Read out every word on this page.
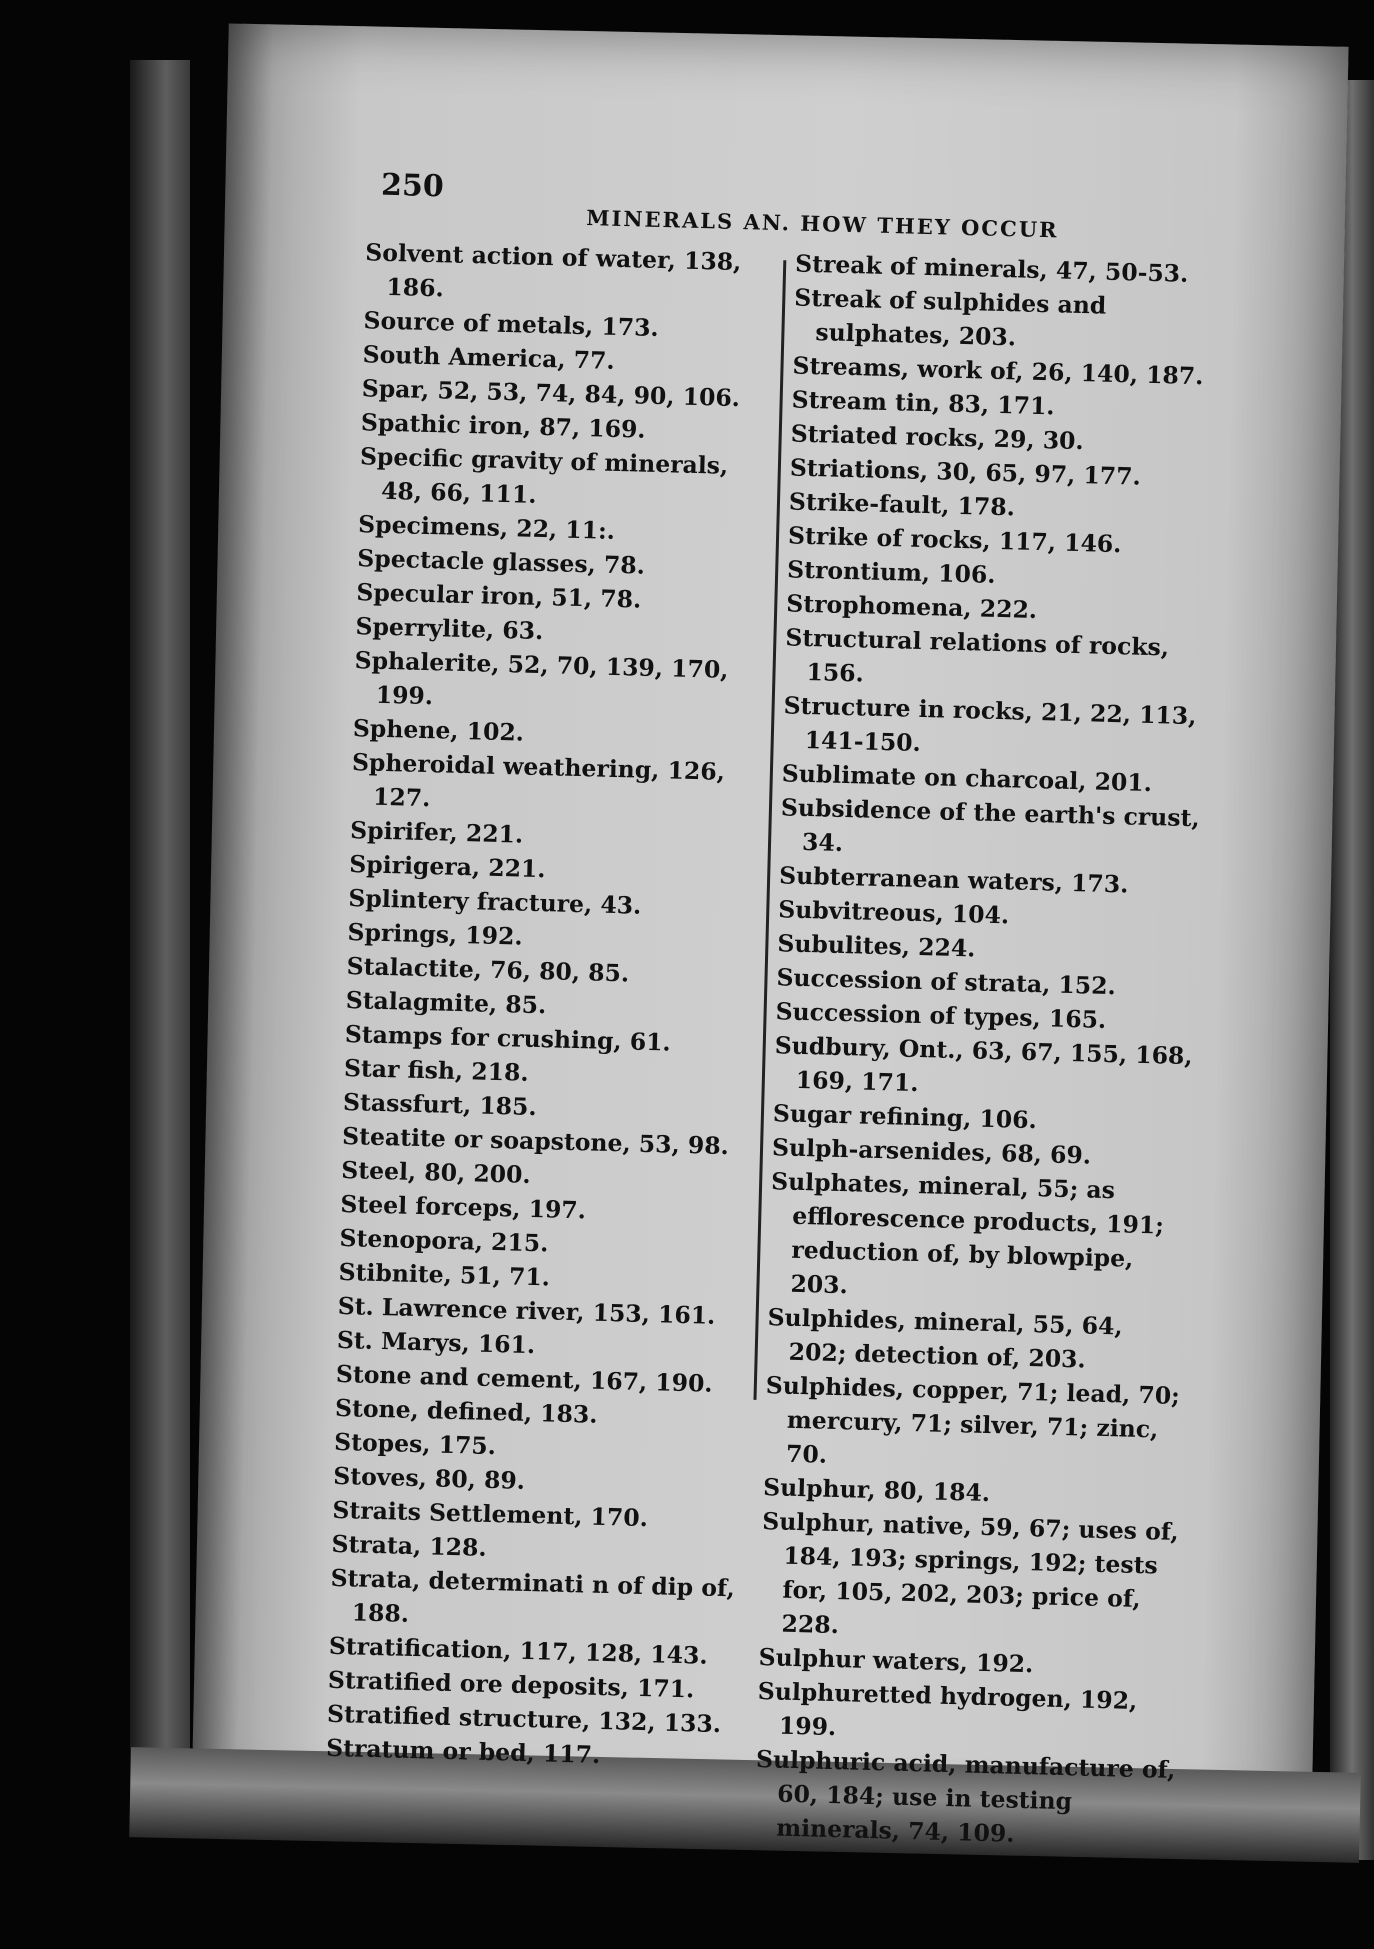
250
MINERALS AN. HOW THEY OCCUR

Solvent action of water, 138, 186.

Source of metals, 173.

South America, 77.

Spar, 52, 53, 74, 84, 90, 106.

Spathic iron, 87, 169.

Specific gravity of minerals, 48, 66, 111.

Specimens, 22, 11:.

Spectacle glasses, 78.

Specular iron, 51, 78.

Sperrylite, 63.

Sphalerite, 52, 70, 139, 170, 199.

Sphene, 102.

Spheroidal weathering, 126, 127.

Spirifer, 221.

Spirigera, 221.

Splintery fracture, 43.

Springs, 192.

Stalactite, 76, 80, 85.

Stalagmite, 85.

Stamps for crushing, 61.

Star fish, 218.

Stassfurt, 185.

Steatite or soapstone, 53, 98.

Steel, 80, 200.

Steel forceps, 197.

Stenopora, 215.

Stibnite, 51, 71.

St. Lawrence river, 153, 161.

St. Marys, 161.

Stone and cement, 167, 190.

Stone, defined, 183.

Stopes, 175.

Stoves, 80, 89.

Straits Settlement, 170.

Strata, 128.

Strata, determinati n of dip of, 188.

Stratification, 117, 128, 143.

Stratified ore deposits, 171.

Stratified structure, 132, 133.

Stratum or bed, 117.

Streak of minerals, 47, 50-53.

Streak of sulphides and sulphates, 203.

Streams, work of, 26, 140, 187.

Stream tin, 83, 171.

Striated rocks, 29, 30.

Striations, 30, 65, 97, 177.

Strike-fault, 178.

Strike of rocks, 117, 146.

Strontium, 106.

Strophomena, 222.

Structural relations of rocks, 156.

Structure in rocks, 21, 22, 113, 141-150.

Sublimate on charcoal, 201.

Subsidence of the earth's crust, 34.

Subterranean waters, 173.

Subvitreous, 104.

Subulites, 224.

Succession of strata, 152.

Succession of types, 165.

Sudbury, Ont., 63, 67, 155, 168, 169, 171.

Sugar refining, 106.

Sulph-arsenides, 68, 69.

Sulphates, mineral, 55; as efflorescence products, 191; reduction of, by blowpipe, 203.

Sulphides, mineral, 55, 64, 202; detection of, 203.

Sulphides, copper, 71; lead, 70; mercury, 71; silver, 71; zinc, 70.

Sulphur, 80, 184.

Sulphur, native, 59, 67; uses of, 184, 193; springs, 192; tests for, 105, 202, 203; price of, 228.

Sulphur waters, 192.

Sulphuretted hydrogen, 192, 199.

Sulphuric acid, manufacture of, 60, 184; use in testing minerals, 74, 109.
